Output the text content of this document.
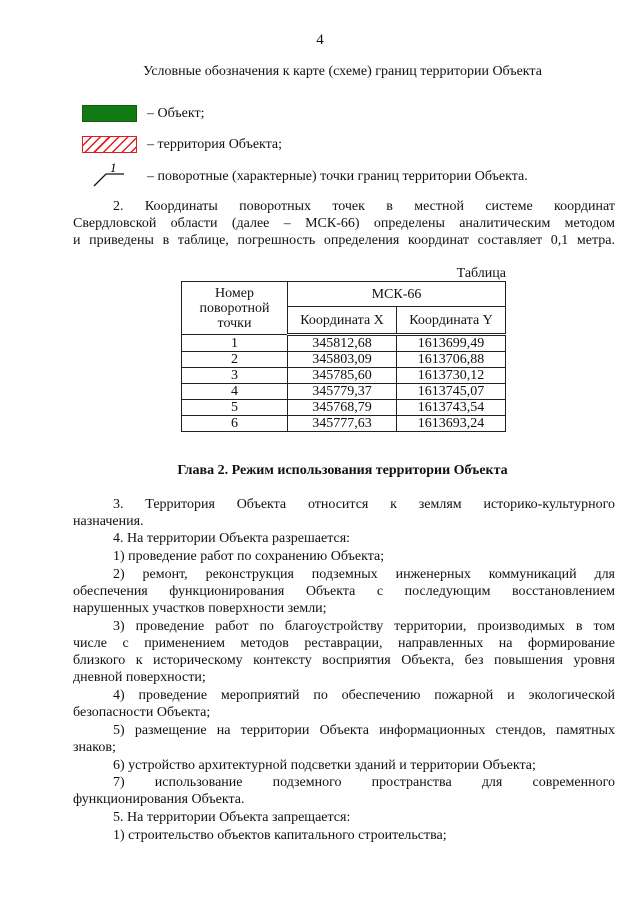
4
Условные обозначения к карте (схеме) границ территории Объекта
– Объект;
– территория Объекта;
1
– поворотные (характерные) точки границ территории Объекта.
2. Координаты поворотных точек в местной системе координат
Свердловской области (далее – МСК-66) определены аналитическим методом
и приведены в таблице, погрешность определения координат составляет 0,1 метра.
Таблица
Номер поворотной точки	МСК-66	
	Координата X	Координата Y
1	345812,68	1613699,49
2	345803,09	1613706,88
3	345785,60	1613730,12
4	345779,37	1613745,07
5	345768,79	1613743,54
6	345777,63	1613693,24
Глава 2. Режим использования территории Объекта
3. Территория Объекта относится к землям историко-культурного
назначения.
4. На территории Объекта разрешается:
1) проведение работ по сохранению Объекта;
2) ремонт, реконструкция подземных инженерных коммуникаций для
обеспечения функционирования Объекта с последующим восстановлением
нарушенных участков поверхности земли;
3) проведение работ по благоустройству территории, производимых в том
числе с применением методов реставрации, направленных на формирование
близкого к историческому контексту восприятия Объекта, без повышения уровня
дневной поверхности;
4) проведение мероприятий по обеспечению пожарной и экологической
безопасности Объекта;
5) размещение на территории Объекта информационных стендов, памятных
знаков;
6) устройство архитектурной подсветки зданий и территории Объекта;
7) использование подземного пространства для современного
функционирования Объекта.
5. На территории Объекта запрещается:
1) строительство объектов капитального строительства;
